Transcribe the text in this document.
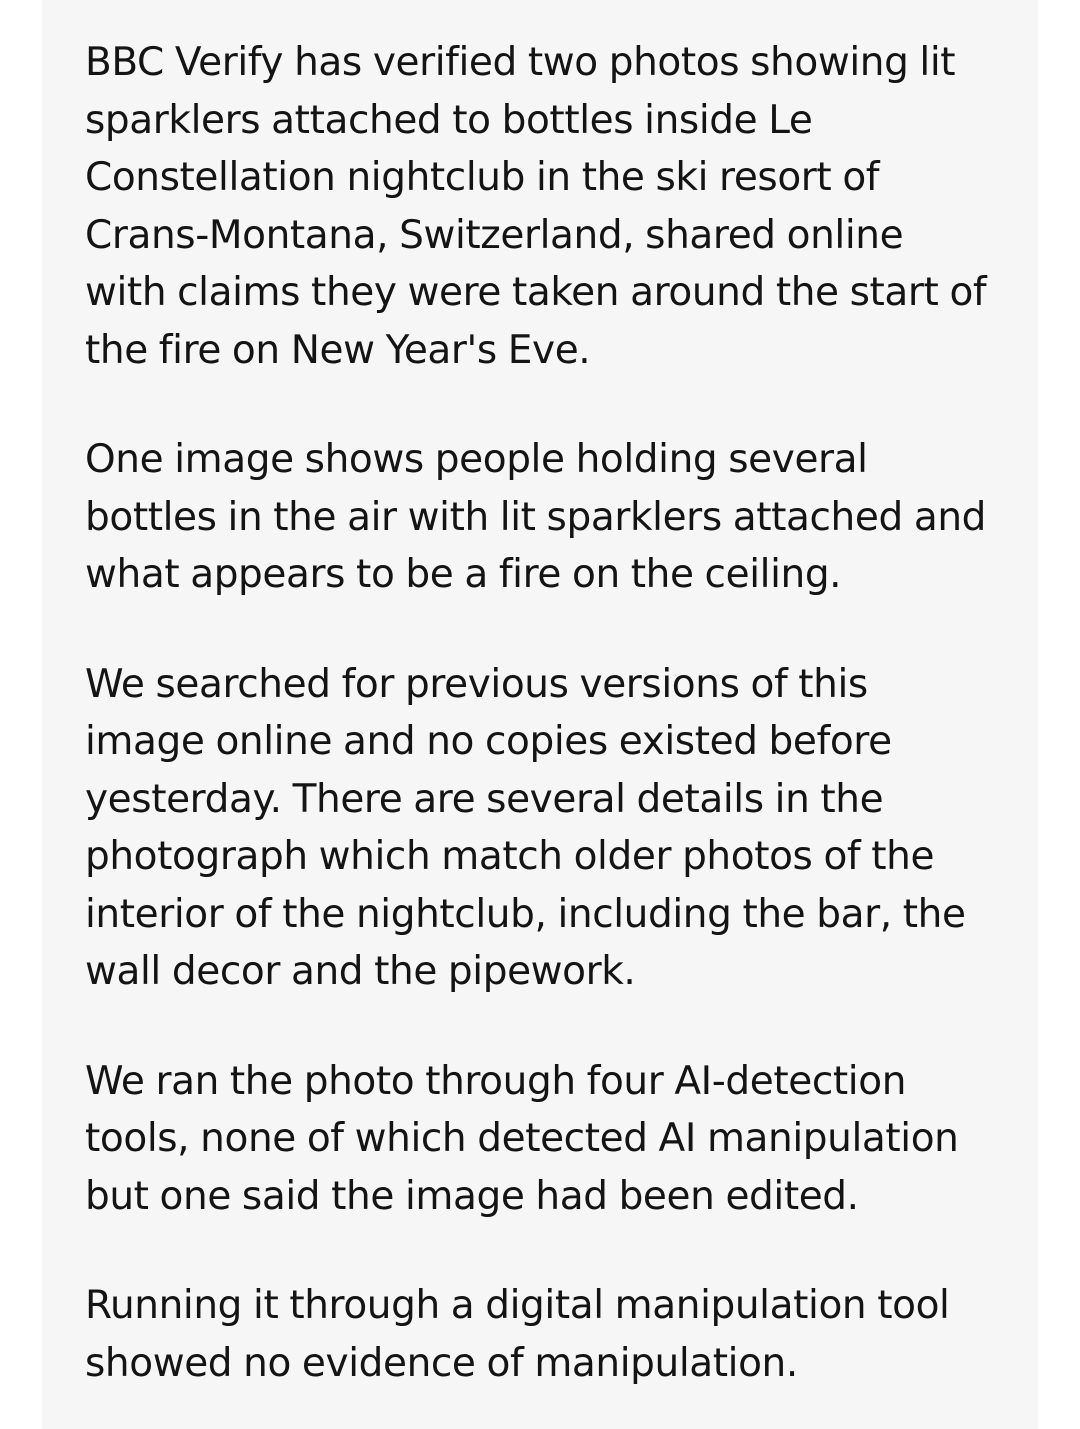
BBC Verify has verified two photos showing lit sparklers attached to bottles inside Le Constellation nightclub in the ski resort of Crans-Montana, Switzerland, shared online with claims they were taken around the start of the fire on New Year's Eve.

One image shows people holding several bottles in the air with lit sparklers attached and what appears to be a fire on the ceiling.

We searched for previous versions of this image online and no copies existed before yesterday. There are several details in the photograph which match older photos of the interior of the nightclub, including the bar, the wall decor and the pipework.

We ran the photo through four AI-detection tools, none of which detected AI manipulation but one said the image had been edited.

Running it through a digital manipulation tool showed no evidence of manipulation.
